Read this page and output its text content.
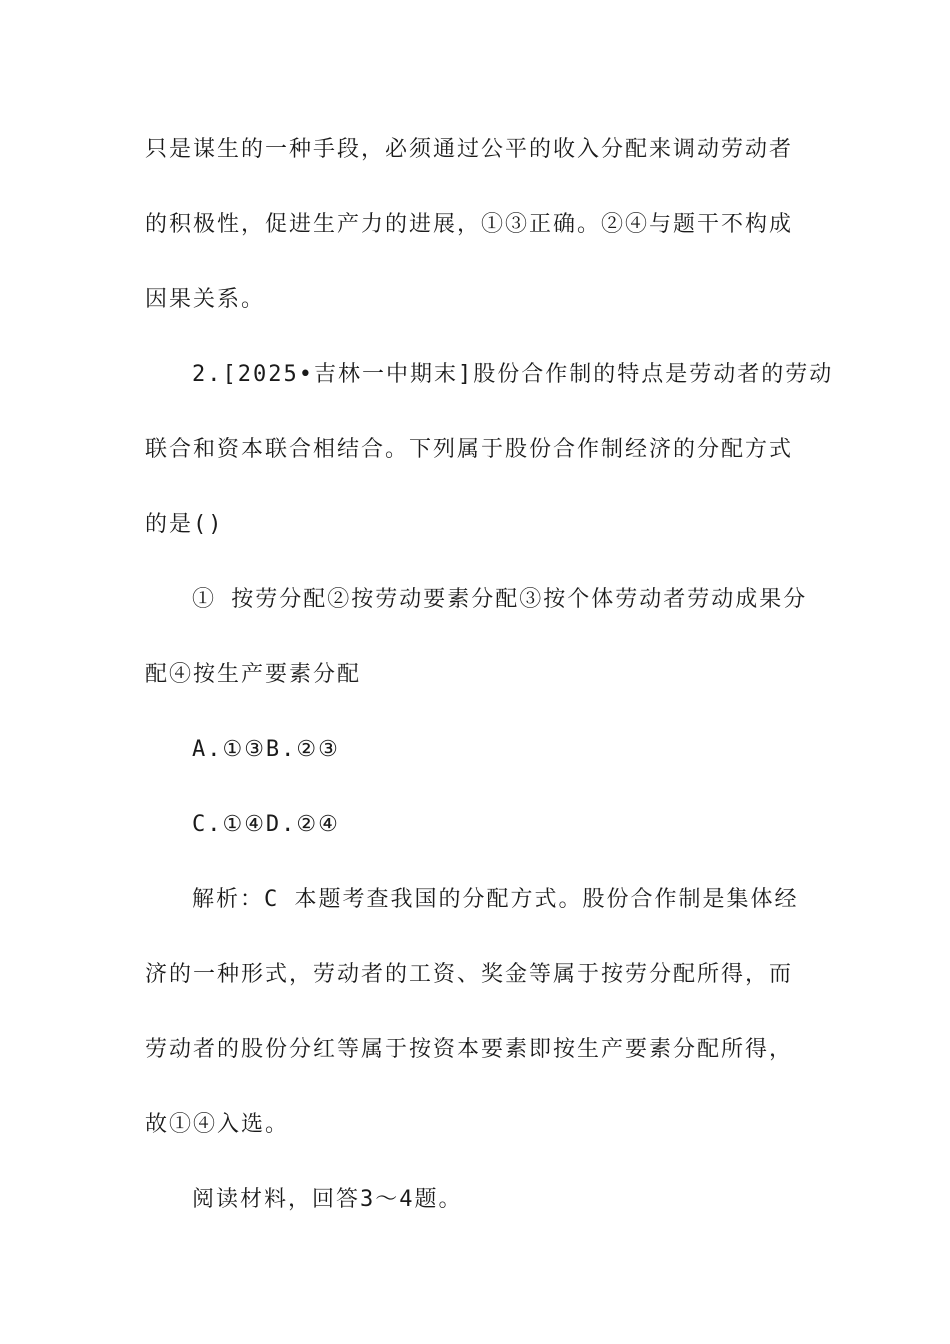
只是谋生的一种手段，必须通过公平的收入分配来调动劳动者
的积极性，促进生产力的进展，①③正确。②④与题干不构成
因果关系。
2.[2025•吉林一中期末]股份合作制的特点是劳动者的劳动
联合和资本联合相结合。下列属于股份合作制经济的分配方式
的是()
① 按劳分配②按劳动要素分配③按个体劳动者劳动成果分
配④按生产要素分配
A.①③B.②③
C.①④D.②④
解析：C 本题考查我国的分配方式。股份合作制是集体经
济的一种形式，劳动者的工资、奖金等属于按劳分配所得，而
劳动者的股份分红等属于按资本要素即按生产要素分配所得，
故①④入选。
阅读材料，回答3～4题。
